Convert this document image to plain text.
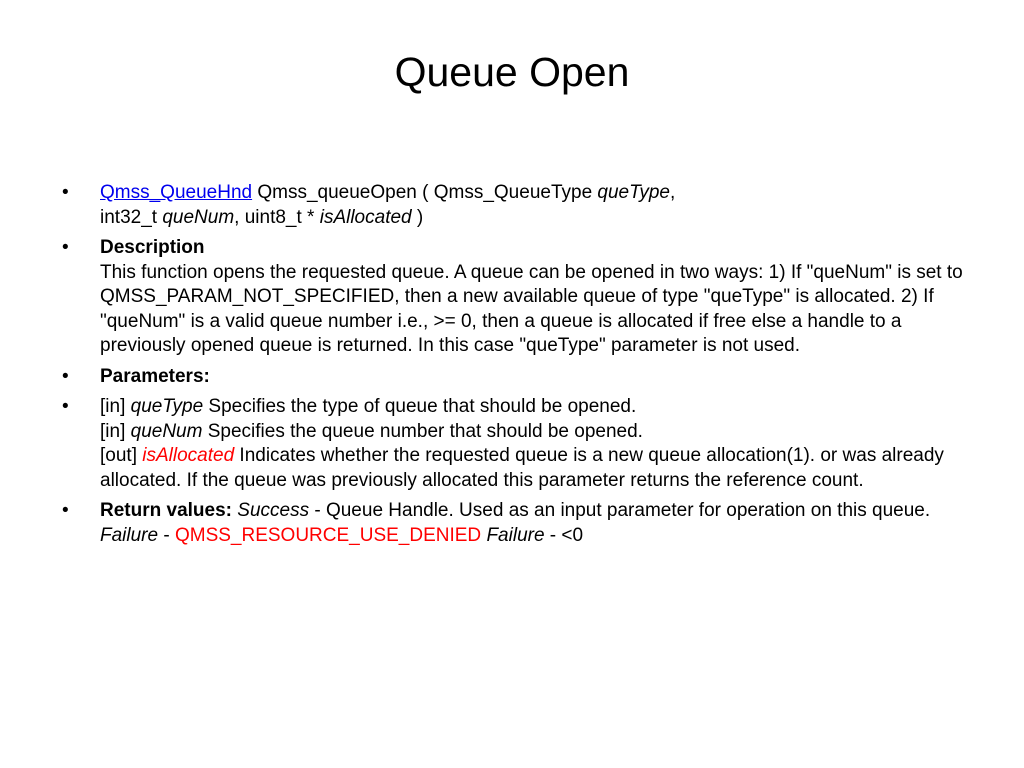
Queue Open
•	Qmss_QueueHnd Qmss_queueOpen ( Qmss_QueueType queType,
int32_t queNum, uint8_t * isAllocated )
•	Description
This function opens the requested queue. A queue can be opened in two ways: 1) If "queNum" is set to QMSS_PARAM_NOT_SPECIFIED, then a new available queue of type "queType" is allocated. 2) If "queNum" is a valid queue number i.e., >= 0, then a queue is allocated if free else a handle to a previously opened queue is returned. In this case "queType" parameter is not used.
•	Parameters:
•	[in] queType Specifies the type of queue that should be opened.
[in] queNum Specifies the queue number that should be opened.
[out] isAllocated Indicates whether the requested queue is a new queue allocation(1). or was already allocated. If the queue was previously allocated this parameter returns the reference count.
•	Return values: Success - Queue Handle. Used as an input parameter for operation on this queue. Failure - QMSS_RESOURCE_USE_DENIED Failure - <0
